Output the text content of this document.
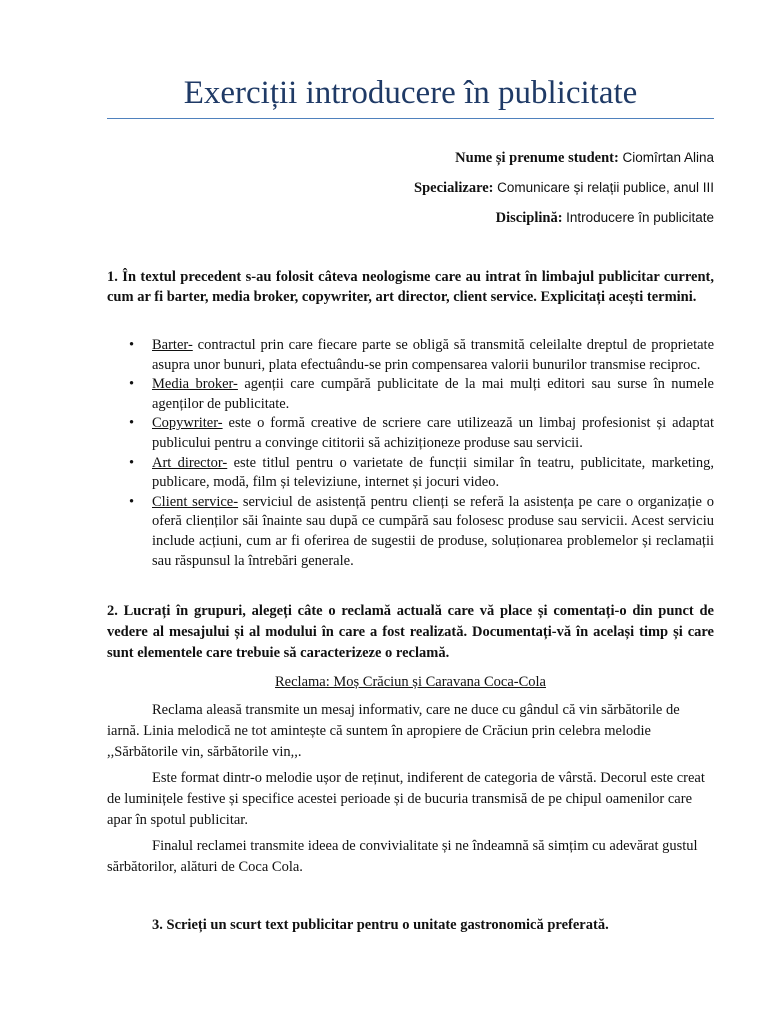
Exerciții introducere în publicitate
Nume și prenume student: Ciomîrtan Alina
Specializare: Comunicare și relații publice, anul III
Disciplină: Introducere în publicitate

1. În textul precedent s-au folosit câteva neologisme care au intrat în limbajul publicitar current, cum ar fi barter, media broker, copywriter, art director, client service. Explicitați acești termini.

• Barter- contractul prin care fiecare parte se obligă să transmită celeilalte dreptul de proprietate asupra unor bunuri, plata efectuându-se prin compensarea valorii bunurilor transmise reciproc.
• Media broker- agenții care cumpără publicitate de la mai mulți editori sau surse în numele agenților de publicitate.
• Copywriter- este o formă creative de scriere care utilizează un limbaj profesionist și adaptat publicului pentru a convinge cititorii să achiziționeze produse sau servicii.
• Art director- este titlul pentru o varietate de funcții similar în teatru, publicitate, marketing, publicare, modă, film și televiziune, internet și jocuri video.
• Client service- serviciul de asistență pentru clienți se referă la asistența pe care o organizație o oferă clienților săi înainte sau după ce cumpără sau folosesc produse sau servicii. Acest serviciu include acțiuni, cum ar fi oferirea de sugestii de produse, soluționarea problemelor și reclamații sau răspunsul la întrebări generale.

2. Lucrați în grupuri, alegeți câte o reclamă actuală care vă place și comentați-o din punct de vedere al mesajului și al modului în care a fost realizată. Documentați-vă în același timp și care sunt elementele care trebuie să caracterizeze o reclamă.

Reclama: Moș Crăciun și Caravana Coca-Cola

Reclama aleasă transmite un mesaj informativ, care ne duce cu gândul că vin sărbătorile de iarnă. Linia melodică ne tot amintește că suntem în apropiere de Crăciun prin celebra melodie ,,Sărbătorile vin, sărbătorile vin,,.

Este format dintr-o melodie ușor de reținut, indiferent de categoria de vârstă. Decorul este creat de luminițele festive și specifice acestei perioade și de bucuria transmisă de pe chipul oamenilor care apar în spotul publicitar.

Finalul reclamei transmite ideea de convivialitate și ne îndeamnă să simțim cu adevărat gustul sărbătorilor, alături de Coca Cola.

3. Scrieți un scurt text publicitar pentru o unitate gastronomică preferată.
